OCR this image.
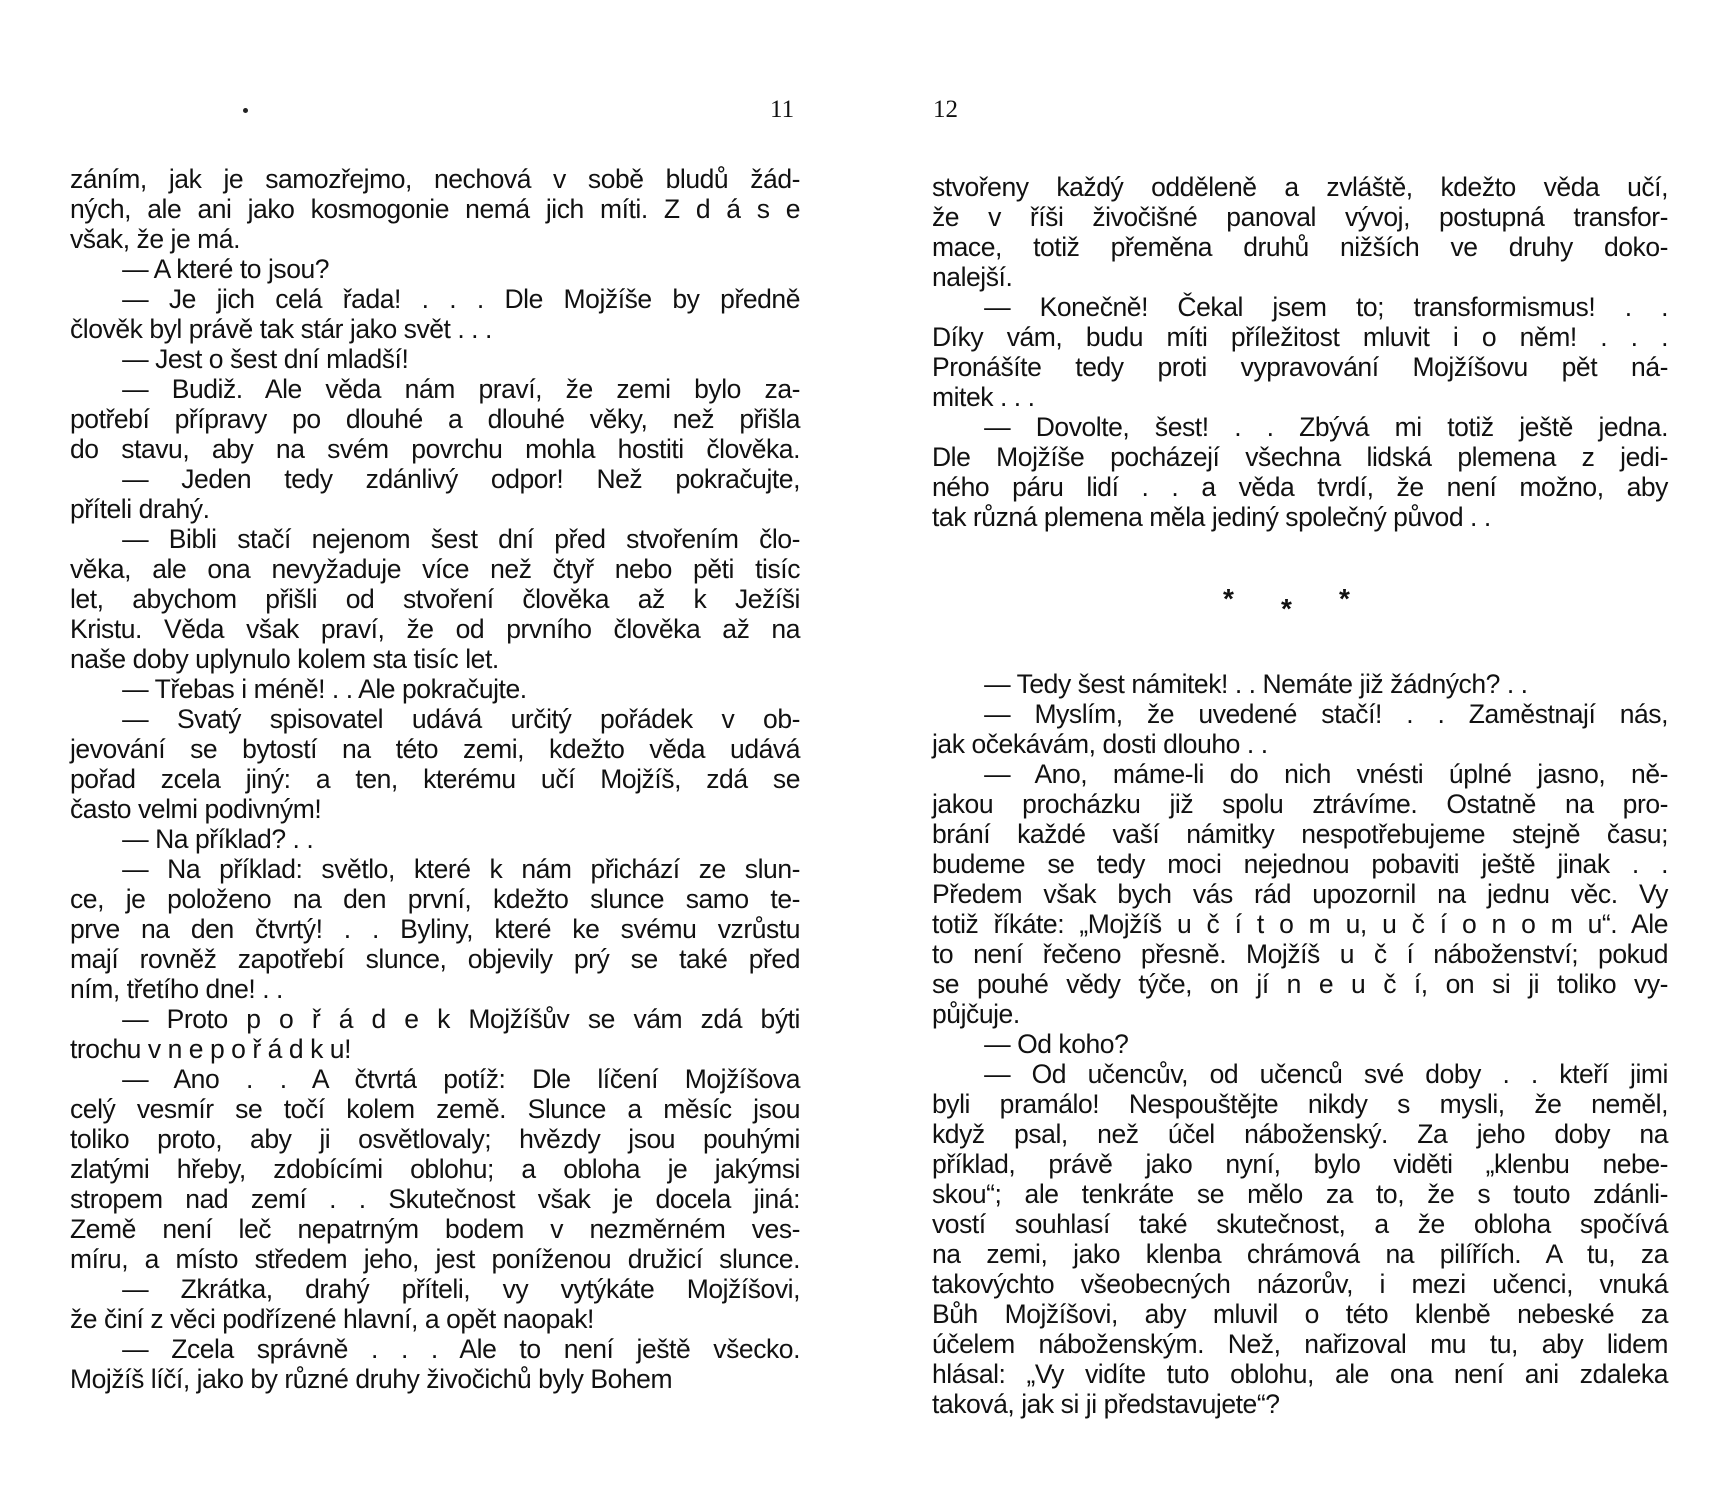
11
záním, jak je samozřejmo, nechová v sobě bludů žád-
ných, ale ani jako kosmogonie nemá jich míti. Z d á s e
však, že je má.
  — A které to jsou?
  — Je jich celá řada! . . . Dle Mojžíše by předně
člověk byl právě tak stár jako svět . . .
  — Jest o šest dní mladší!
  — Budiž. Ale věda nám praví, že zemi bylo za-
potřebí přípravy po dlouhé a dlouhé věky, než přišla
do stavu, aby na svém povrchu mohla hostiti člověka.
  — Jeden tedy zdánlivý odpor! Než pokračujte,
příteli drahý.
  — Bibli stačí nejenom šest dní před stvořením člo-
věka, ale ona nevyžaduje více než čtyř nebo pěti tisíc
let, abychom přišli od stvoření člověka až k Ježíši
Kristu. Věda však praví, že od prvního člověka až na
naše doby uplynulo kolem sta tisíc let.
  — Třebas i méně! . . Ale pokračujte.
  — Svatý spisovatel udává určitý pořádek v ob-
jevování se bytostí na této zemi, kdežto věda udává
pořad zcela jiný: a ten, kterému učí Mojžíš, zdá se
často velmi podivným!
  — Na příklad? . .
  — Na příklad: světlo, které k nám přichází ze slun-
ce, je položeno na den první, kdežto slunce samo te-
prve na den čtvrtý! . . Byliny, které ke svému vzrůstu
mají rovněž zapotřebí slunce, objevily prý se také před
ním, třetího dne! . .
  — Proto p o ř á d e k Mojžíšův se vám zdá býti
trochu v n e p o ř á d k u!
  — Ano . . A čtvrtá potíž: Dle líčení Mojžíšova
celý vesmír se točí kolem země. Slunce a měsíc jsou
toliko proto, aby ji osvětlovaly; hvězdy jsou pouhými
zlatými hřeby, zdobícími oblohu; a obloha je jakýmsi
stropem nad zemí . . Skutečnost však je docela jiná:
Země není leč nepatrným bodem v nezměrném ves-
míru, a místo středem jeho, jest poníženou družicí slunce.
  — Zkrátka, drahý příteli, vy vytýkáte Mojžíšovi,
že činí z věci podřízené hlavní, a opět naopak!
  — Zcela správně . . . Ale to není ještě všecko.
Mojžíš líčí, jako by různé druhy živočichů byly Bohem
12
stvořeny každý odděleně a zvláště, kdežto věda učí,
že v říši živočišné panoval vývoj, postupná transfor-
mace, totiž přeměna druhů nižších ve druhy doko-
nalejší.
  — Konečně! Čekal jsem to; transformismus! . .
Díky vám, budu míti příležitost mluvit i o něm! . . .
Pronášíte tedy proti vypravování Mojžíšovu pět ná-
mitek . . .
  — Dovolte, šest! . . Zbývá mi totiž ještě jedna.
Dle Mojžíše pocházejí všechna lidská plemena z jedi-
ného páru lidí . . a věda tvrdí, že není možno, aby
tak různá plemena měla jediný společný původ . .
* * *
  — Tedy šest námitek! . . Nemáte již žádných? . .
  — Myslím, že uvedené stačí! . . Zaměstnají nás,
jak očekávám, dosti dlouho . .
  — Ano, máme-li do nich vnésti úplné jasno, ně-
jakou procházku již spolu ztrávíme. Ostatně na pro-
brání každé vaší námitky nespotřebujeme stejně času;
budeme se tedy moci nejednou pobaviti ještě jinak . .
Předem však bych vás rád upozornil na jednu věc. Vy
totiž říkáte: „Mojžíš u č í t o m u, u č í o n o m u“. Ale
to není řečeno přesně. Mojžíš u č í náboženství; pokud
se pouhé vědy týče, on jí n e u č í, on si ji toliko vy-
půjčuje.
  — Od koho?
  — Od učencův, od učenců své doby . . kteří jimi
byli pramálo! Nespouštějte nikdy s mysli, že neměl,
když psal, než účel náboženský. Za jeho doby na
příklad, právě jako nyní, bylo viděti „klenbu nebe-
skou“; ale tenkráte se mělo za to, že s touto zdánli-
vostí souhlasí také skutečnost, a že obloha spočívá
na zemi, jako klenba chrámová na pilířích. A tu, za
takovýchto všeobecných názorův, i mezi učenci, vnuká
Bůh Mojžíšovi, aby mluvil o této klenbě nebeské za
účelem náboženským. Než, nařizoval mu tu, aby lidem
hlásal: „Vy vidíte tuto oblohu, ale ona není ani zdaleka
taková, jak si ji představujete“?
